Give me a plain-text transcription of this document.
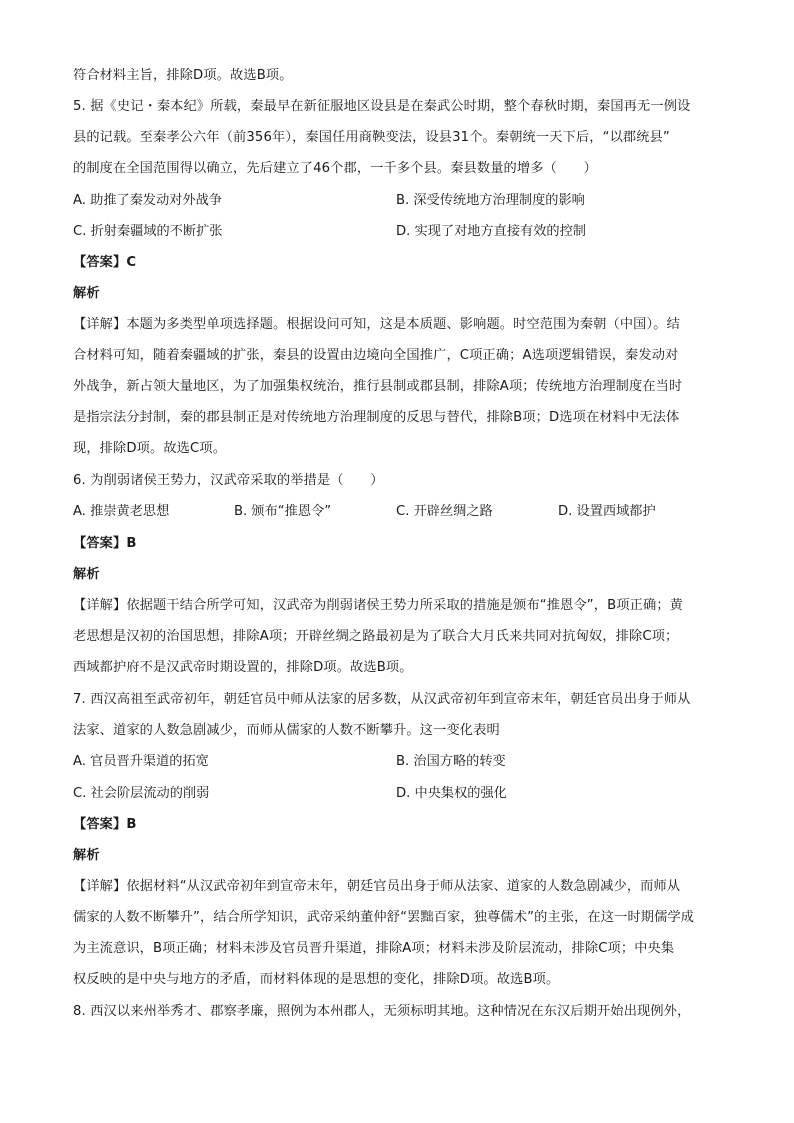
符合材料主旨，排除D项。故选B项。
5. 据《史记・秦本纪》所载，秦最早在新征服地区设县是在秦武公时期，整个春秋时期，秦国再无一例设
县的记载。至秦孝公六年（前356年），秦国任用商鞅变法，设县31个。秦朝统一天下后，“以郡统县”
的制度在全国范围得以确立，先后建立了46个郡，一千多个县。秦县数量的增多（　　）
A. 助推了秦发动对外战争	B. 深受传统地方治理制度的影响
C. 折射秦疆域的不断扩张	D. 实现了对地方直接有效的控制
【答案】C
解析
【详解】本题为多类型单项选择题。根据设问可知，这是本质题、影响题。时空范围为秦朝（中国）。结
合材料可知，随着秦疆域的扩张，秦县的设置由边境向全国推广，C项正确；A选项逻辑错误，秦发动对
外战争，新占领大量地区，为了加强集权统治，推行县制或郡县制，排除A项；传统地方治理制度在当时
是指宗法分封制，秦的郡县制正是对传统地方治理制度的反思与替代，排除B项；D选项在材料中无法体
现，排除D项。故选C项。
6. 为削弱诸侯王势力，汉武帝采取的举措是（　　）
A. 推崇黄老思想	B. 颁布“推恩令”	C. 开辟丝绸之路	D. 设置西域都护
【答案】B
解析
【详解】依据题干结合所学可知，汉武帝为削弱诸侯王势力所采取的措施是颁布“推恩令”，B项正确；黄
老思想是汉初的治国思想，排除A项；开辟丝绸之路最初是为了联合大月氏来共同对抗匈奴，排除C项；
西域都护府不是汉武帝时期设置的，排除D项。故选B项。
7. 西汉高祖至武帝初年，朝廷官员中师从法家的居多数，从汉武帝初年到宣帝末年，朝廷官员出身于师从
法家、道家的人数急剧减少，而师从儒家的人数不断攀升。这一变化表明
A. 官员晋升渠道的拓宽	B. 治国方略的转变
C. 社会阶层流动的削弱	D. 中央集权的强化
【答案】B
解析
【详解】依据材料“从汉武帝初年到宣帝末年，朝廷官员出身于师从法家、道家的人数急剧减少，而师从
儒家的人数不断攀升”，结合所学知识，武帝采纳董仲舒“罢黜百家，独尊儒术”的主张，在这一时期儒学成
为主流意识，B项正确；材料未涉及官员晋升渠道，排除A项；材料未涉及阶层流动，排除C项；中央集
权反映的是中央与地方的矛盾，而材料体现的是思想的变化，排除D项。故选B项。
8. 西汉以来州举秀才、郡察孝廉，照例为本州郡人，无须标明其地。这种情况在东汉后期开始出现例外，
